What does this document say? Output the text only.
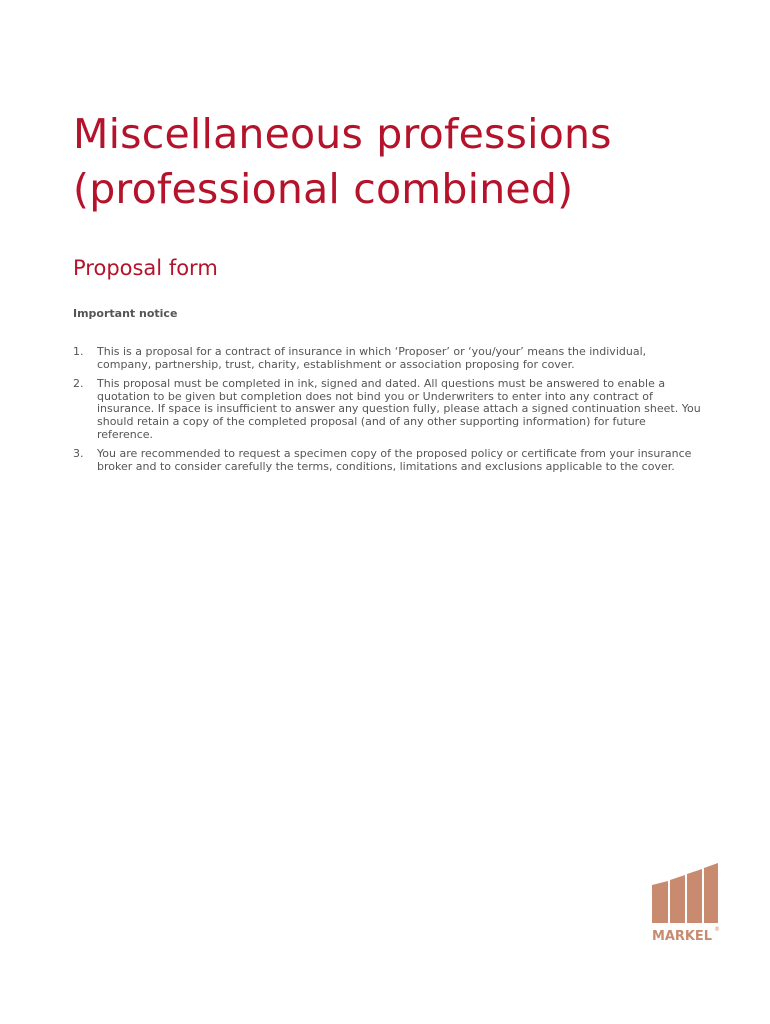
Miscellaneous professions (professional combined)
Proposal form
Important notice
1. This is a proposal for a contract of insurance in which ‘Proposer’ or ‘you/your’ means the individual, company, partnership, trust, charity, establishment or association proposing for cover.
2. This proposal must be completed in ink, signed and dated. All questions must be answered to enable a quotation to be given but completion does not bind you or Underwriters to enter into any contract of insurance. If space is insufficient to answer any question fully, please attach a signed continuation sheet. You should retain a copy of the completed proposal (and of any other supporting information) for future reference.
3. You are recommended to request a specimen copy of the proposed policy or certificate from your insurance broker and to consider carefully the terms, conditions, limitations and exclusions applicable to the cover.
MARKEL ®
